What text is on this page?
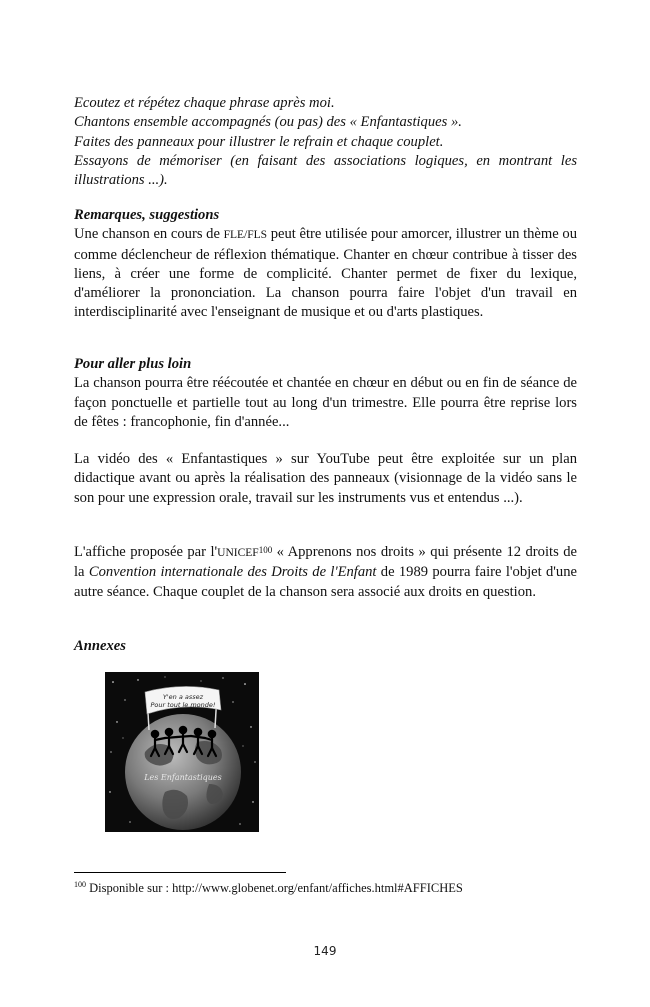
Ecoutez et répétez chaque phrase après moi.

Chantons ensemble accompagnés (ou pas) des « Enfantastiques ».

Faites des panneaux pour illustrer le refrain et chaque couplet.

Essayons de mémoriser (en faisant des associations logiques, en montrant les illustrations ...).

Remarques, suggestions

Une chanson en cours de FLE/FLS peut être utilisée pour amorcer, illustrer un thème ou comme déclencheur de réflexion thématique. Chanter en chœur contribue à tisser des liens, à créer une forme de complicité. Chanter permet de fixer du lexique, d'améliorer la prononciation. La chanson pourra faire l'objet d'un travail en interdisciplinarité avec l'enseignant de musique et ou d'arts plastiques.

Pour aller plus loin

La chanson pourra être réécoutée et chantée en chœur en début ou en fin de séance de façon ponctuelle et partielle tout au long d'un trimestre. Elle pourra être reprise lors de fêtes : francophonie, fin d'année...

La vidéo des « Enfantastiques » sur YouTube peut être exploitée sur un plan didactique avant ou après la réalisation des panneaux (visionnage de la vidéo sans le son pour une expression orale, travail sur les instruments vus et entendus ...).

L'affiche proposée par l'UNICEF$^{100}$ « Apprenons nos droits » qui présente 12 droits de la Convention internationale des Droits de l'Enfant de 1989 pourra faire l'objet d'une autre séance. Chaque couplet de la chanson sera associé aux droits en question.

Annexes

Y'en a assez
Pour tout le monde!
Les Enfantastiques
$^{100}$ Disponible sur : http://www.globenet.org/enfant/affiches.html#AFFICHES
149
